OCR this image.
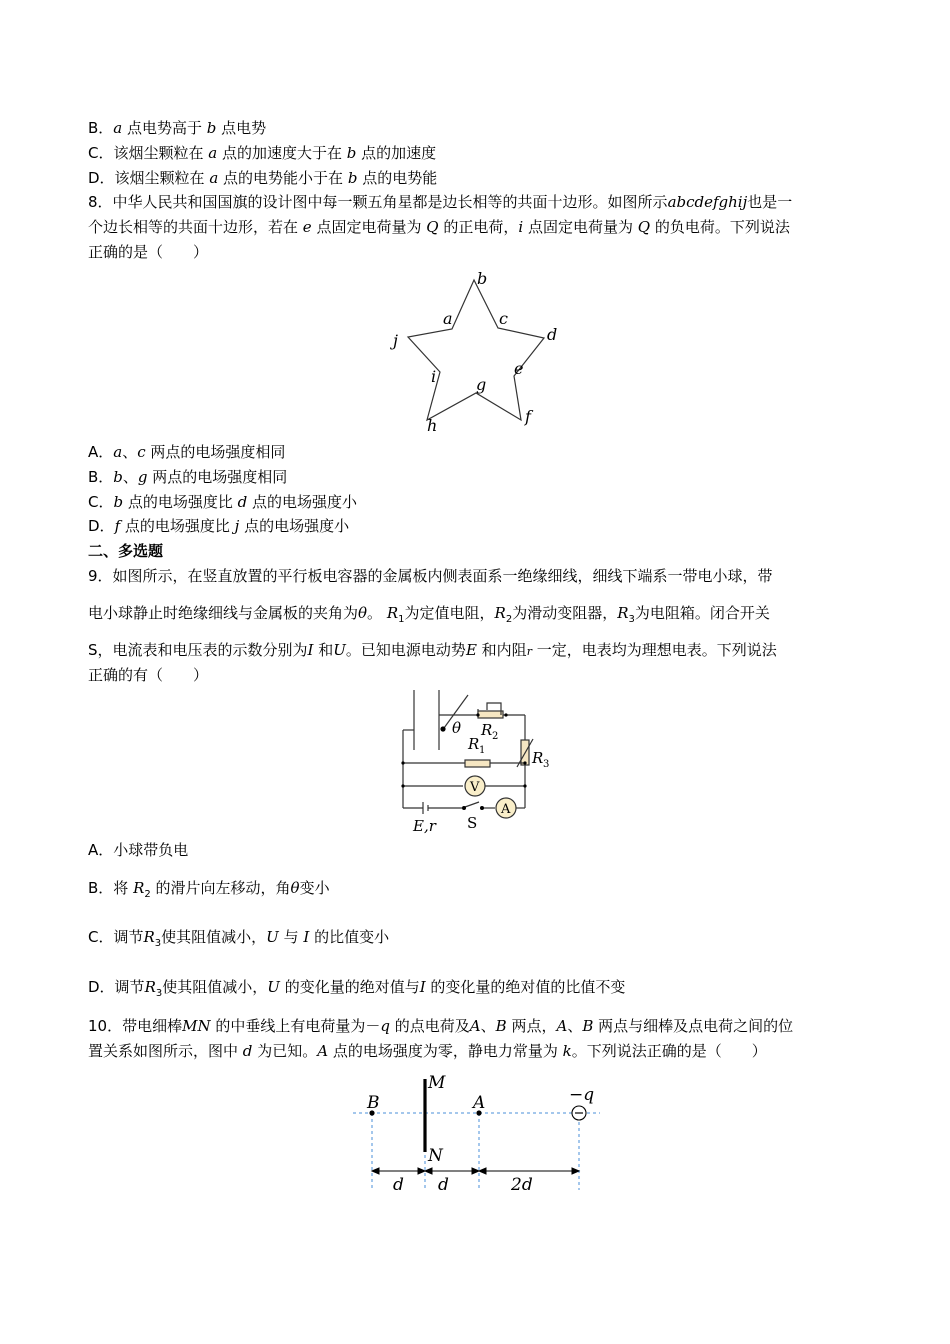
B．a 点电势高于 b 点电势
C．该烟尘颗粒在 a 点的加速度大于在 b 点的加速度
D．该烟尘颗粒在 a 点的电势能小于在 b 点的电势能
8．中华人民共和国国旗的设计图中每一颗五角星都是边长相等的共面十边形。如图所示abcdefghij也是一
个边长相等的共面十边形，若在 e 点固定电荷量为 Q 的正电荷，i 点固定电荷量为 Q 的负电荷。下列说法
正确的是（　　）
b
a	c
d
j
i g
e
h	f
A．a、c 两点的电场强度相同
B．b、g 两点的电场强度相同
C．b 点的电场强度比 d 点的电场强度小
D．f 点的电场强度比 j 点的电场强度小
二、多选题
9．如图所示，在竖直放置的平行板电容器的金属板内侧表面系一绝缘细线，细线下端系一带电小球，带
电小球静止时绝缘细线与金属板的夹角为θ。 $R_1$为定值电阻，$R_2$为滑动变阻器，$R_3$为电阻箱。闭合开关
S，电流表和电压表的示数分别为I 和U。已知电源电动势E 和内阻r 一定，电表均为理想电表。下列说法
正确的有（　　）
θ R 2
R 1	R 3
V
A
E,r S
A．小球带负电
B．将 $R_2$ 的滑片向左移动，角θ变小
C．调节$R_3$使其阻值减小，U 与 I 的比值变小
D．调节$R_3$使其阻值减小，U 的变化量的绝对值与I 的变化量的绝对值的比值不变
10．带电细棒MN 的中垂线上有电荷量为－q 的点电荷及A、B 两点，A、B 两点与细棒及点电荷之间的位
置关系如图所示，图中 d 为已知。A 点的电场强度为零，静电力常量为 k。下列说法正确的是（　　）
B
M
A
N
−q
d d	2d
